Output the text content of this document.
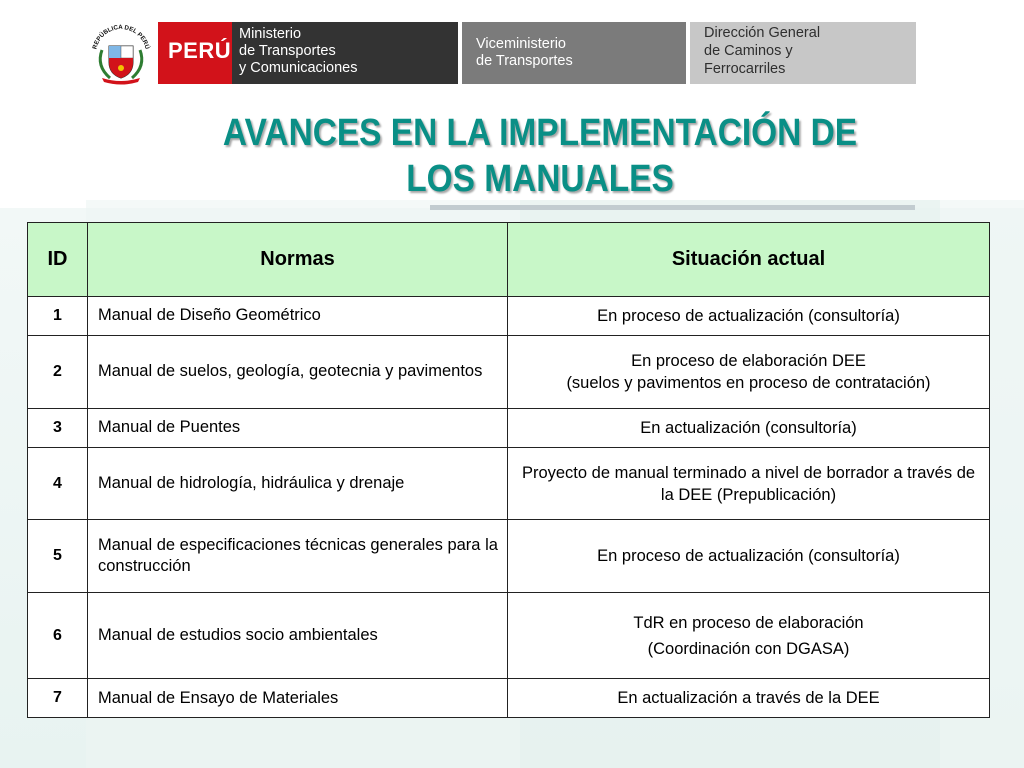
REPÚBLICA DEL PERÚ PERÚ
Ministerio
de Transportes
y Comunicaciones
Viceministerio
de Transportes
Dirección General
de Caminos y
Ferrocarriles
AVANCES EN LA IMPLEMENTACIÓN DE
LOS MANUALES
ID	Normas	Situación actual
1	Manual de Diseño Geométrico	En proceso de actualización (consultoría)

2	Manual de suelos, geología, geotecnia y pavimentos	En proceso de elaboración DEE
(suelos y pavimentos en proceso de contratación)

3	Manual de Puentes	En actualización (consultoría)

4	Manual de hidrología, hidráulica y drenaje	Proyecto de manual terminado a nivel de borrador a través de la DEE (Prepublicación)

5	Manual de especificaciones técnicas generales para la construcción	En proceso de actualización (consultoría)

6	Manual de estudios socio ambientales	TdR en proceso de elaboración
(Coordinación con DGASA)

7	Manual de Ensayo de Materiales	En actualización a través de la DEE
